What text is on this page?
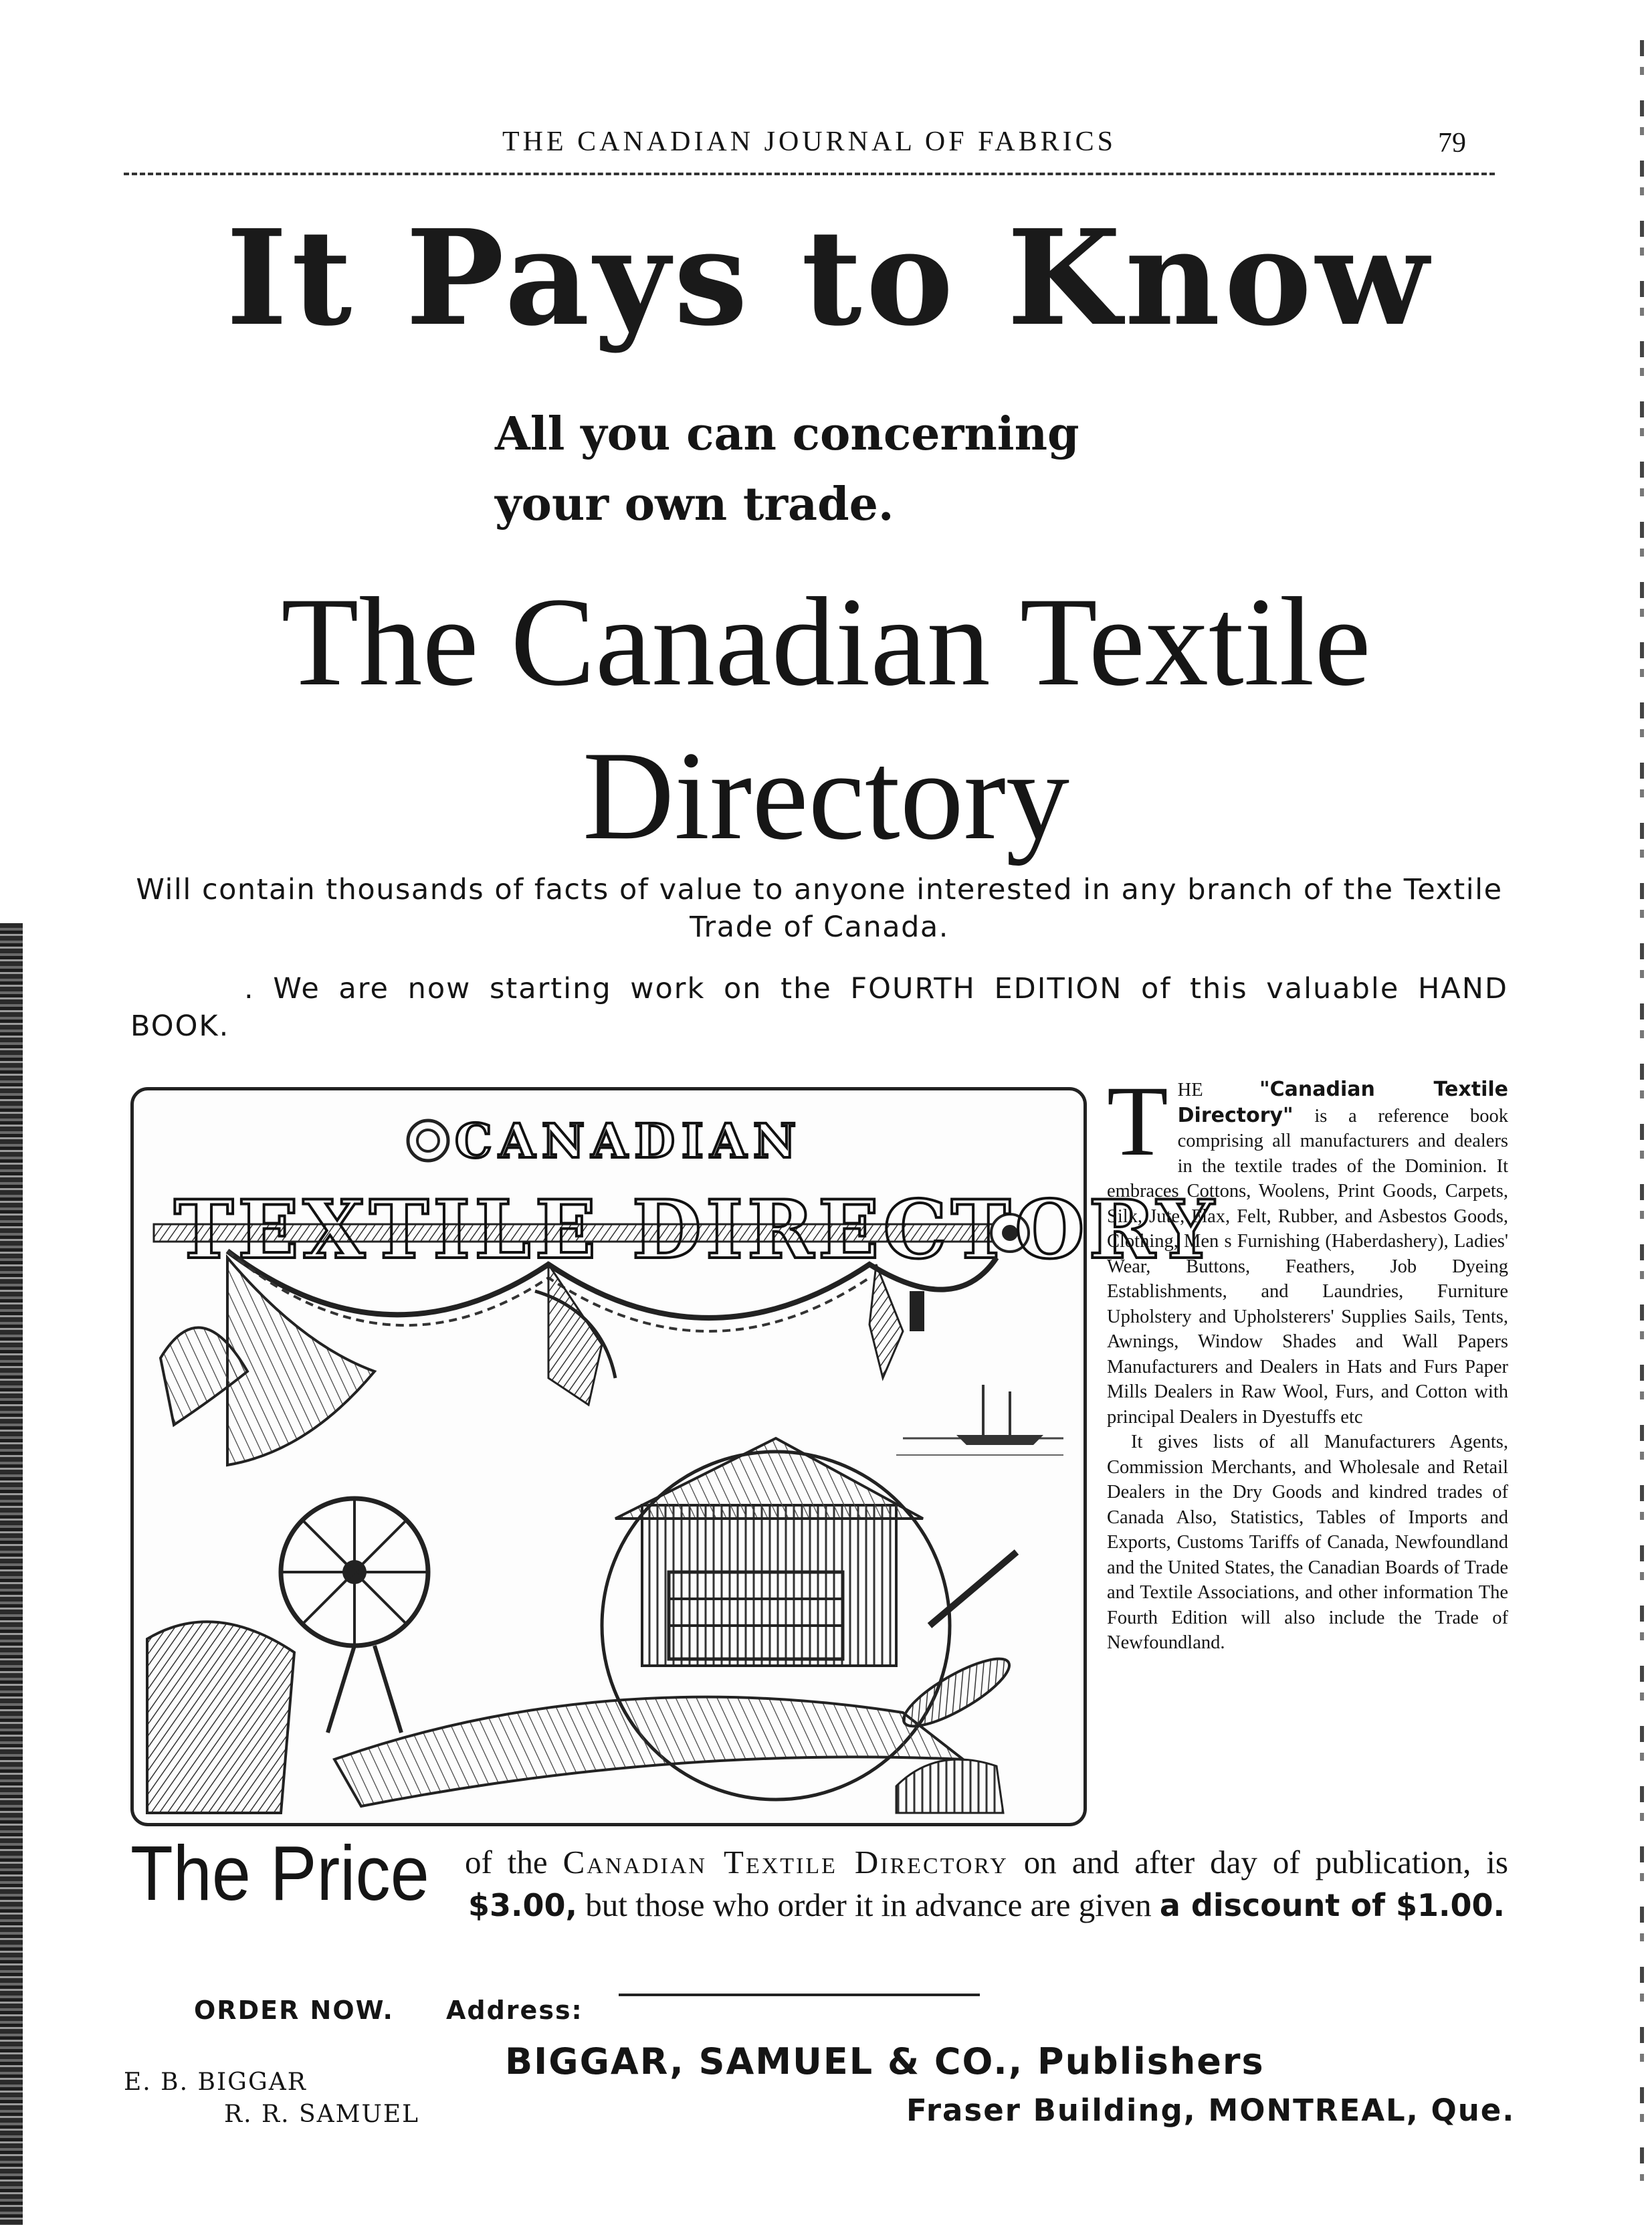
THE CANADIAN JOURNAL OF FABRICS	79
It Pays to Know
All you can concerning
your own trade.
The Canadian Textile
Directory
Will contain thousands of facts of value to anyone interested in any branch of the Textile Trade of Canada.
. We are now starting work on the FOURTH EDITION of this valuable HAND BOOK.
CANADIAN
TEXTILE DIRECTORY
T HE	"Canadian Textile Directory" is a reference book comprising all manufacturers and dealers in the textile trades of the Dominion. It embraces Cottons, Woolens, Print Goods, Carpets, Silk, Jute, Flax, Felt, Rubber, and Asbestos Goods, Clothing, Men s Furnishing (Haberdashery), Ladies' Wear, Buttons, Feathers, Job Dyeing Establishments, and Laundries, Furniture Upholstery and Upholsterers' Supplies Sails, Tents, Awnings, Window Shades and Wall Papers Manufacturers and Dealers in Hats and Furs Paper Mills Dealers in Raw Wool, Furs, and Cotton with principal Dealers in Dyestuffs etc
It gives lists of all Manufacturers Agents, Commission Merchants, and Wholesale and Retail Dealers in the Dry Goods and kindred trades of Canada Also, Statistics, Tables of Imports and Exports, Customs Tariffs of Canada, Newfoundland and the United States, the Canadian Boards of Trade and Textile Associations, and other information The Fourth Edition will also include the Trade of Newfoundland.
The Price of the Canadian Textile Directory on and after day of publication, is $3.00, but those who order it in advance are given a discount of $1.00.
ORDER NOW. Address:
BIGGAR, SAMUEL & CO., Publishers
E. B. BIGGAR
R. R. SAMUEL	Fraser Building, MONTREAL, Que.
